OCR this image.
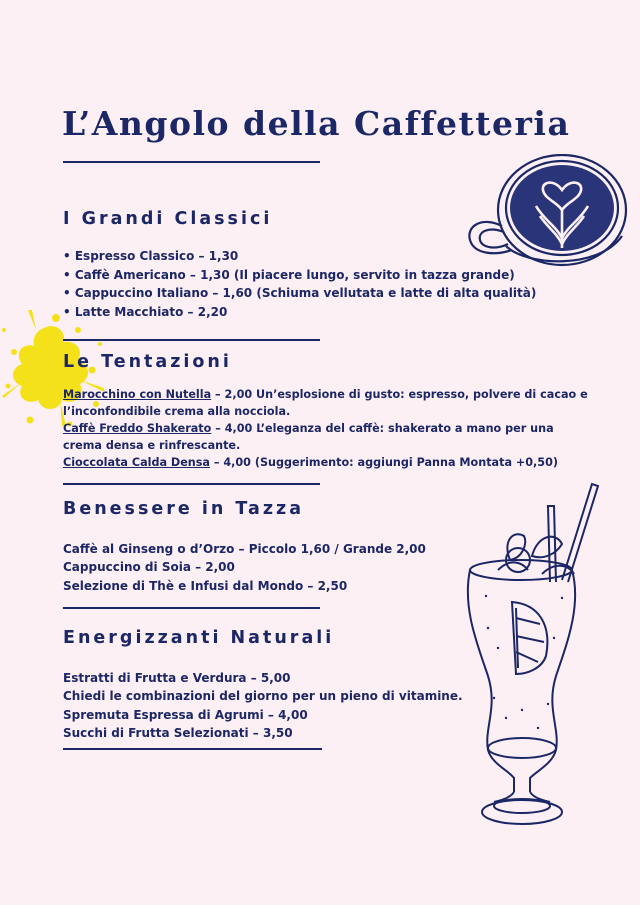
L’Angolo della Caffetteria
I Grandi Classici
• Espresso Classico – 1,30
• Caffè Americano – 1,30 (Il piacere lungo, servito in tazza grande)
• Cappuccino Italiano – 1,60 (Schiuma vellutata e latte di alta qualità)
• Latte Macchiato – 2,20
Le Tentazioni
Marocchino con Nutella – 2,00 Un’esplosione di gusto: espresso, polvere di cacao e l’inconfondibile crema alla nocciola.
Caffè Freddo Shakerato – 4,00 L’eleganza del caffè: shakerato a mano per una crema densa e rinfrescante.
Cioccolata Calda Densa – 4,00 (Suggerimento: aggiungi Panna Montata +0,50)
Benessere in Tazza
Caffè al Ginseng o d’Orzo – Piccolo 1,60 / Grande 2,00
Cappuccino di Soia – 2,00
Selezione di Thè e Infusi dal Mondo – 2,50
Energizzanti Naturali
Estratti di Frutta e Verdura – 5,00
Chiedi le combinazioni del giorno per un pieno di vitamine.
Spremuta Espressa di Agrumi – 4,00
Succhi di Frutta Selezionati – 3,50
